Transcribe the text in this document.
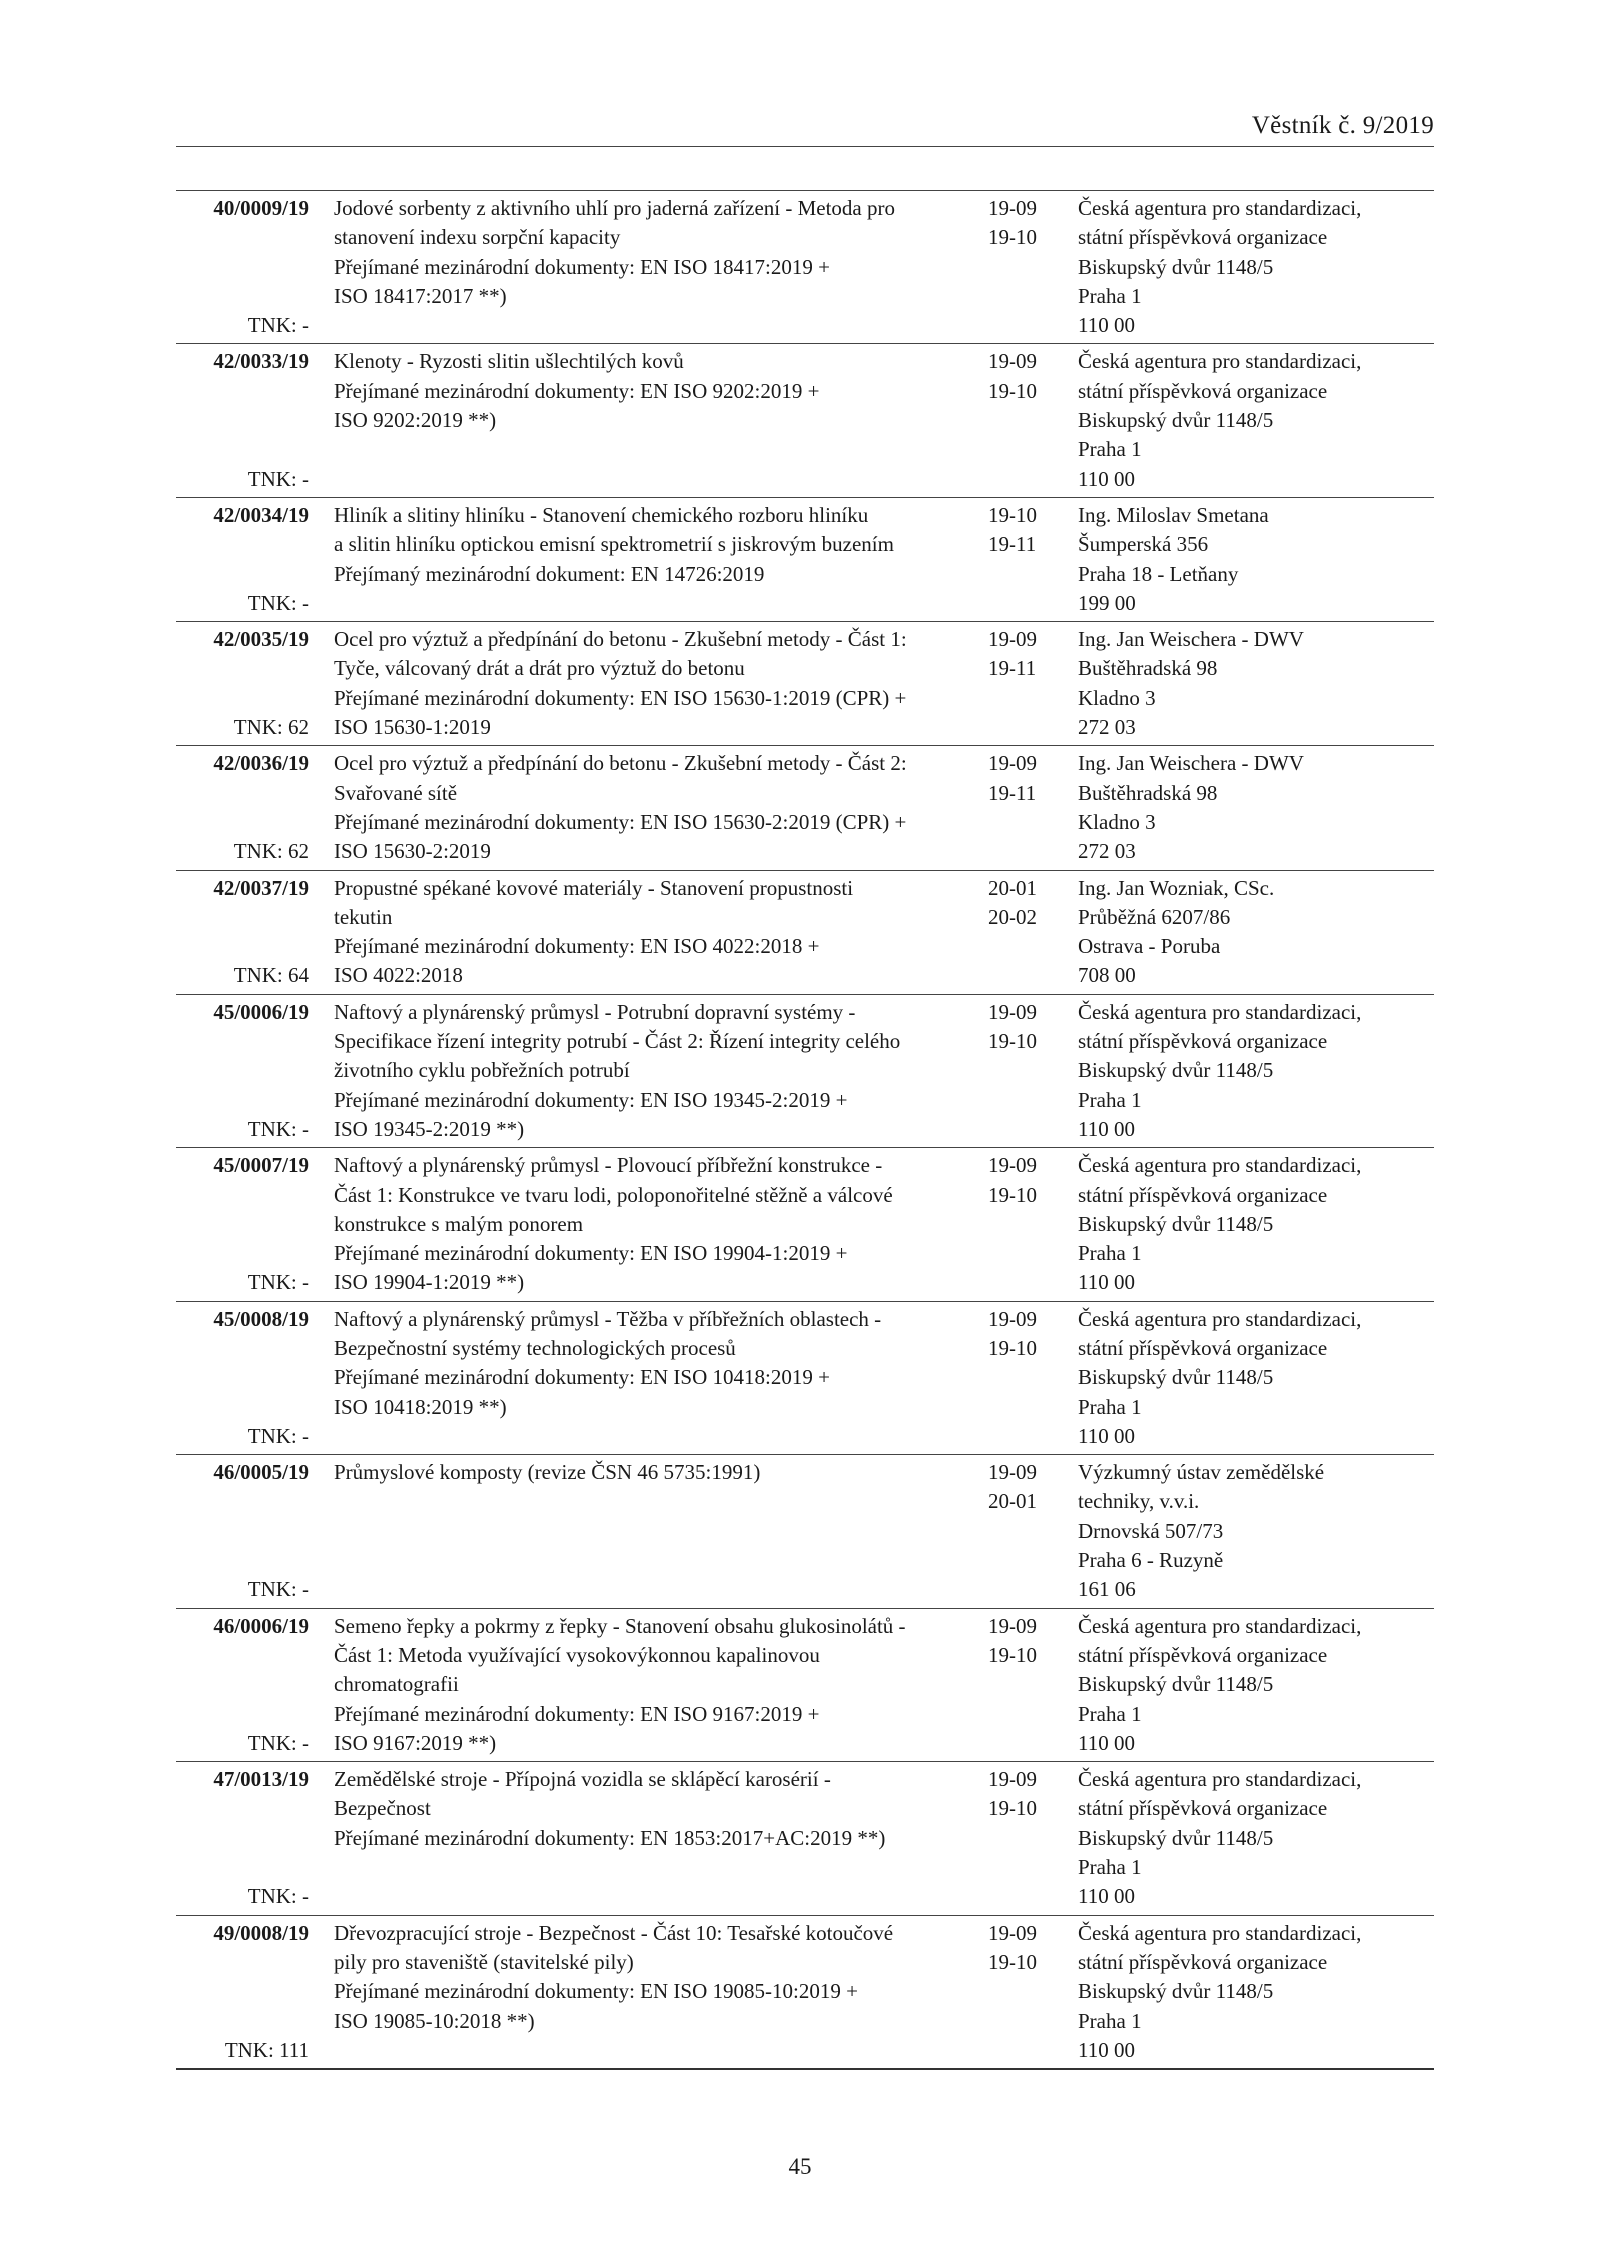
Věstník č. 9/2019
40/0009/19
TNK: -
Jodové sorbenty z aktivního uhlí pro jaderná zařízení - Metoda pro
stanovení indexu sorpční kapacity
Přejímané mezinárodní dokumenty: EN ISO 18417:2019 +
ISO 18417:2017 **)
19-09
19-10
Česká agentura pro standardizaci,
státní příspěvková organizace
Biskupský dvůr 1148/5
Praha 1
110 00
42/0033/19
TNK: -
Klenoty - Ryzosti slitin ušlechtilých kovů
Přejímané mezinárodní dokumenty: EN ISO 9202:2019 +
ISO 9202:2019 **)
19-09
19-10
Česká agentura pro standardizaci,
státní příspěvková organizace
Biskupský dvůr 1148/5
Praha 1
110 00
42/0034/19
TNK: -
Hliník a slitiny hliníku - Stanovení chemického rozboru hliníku
a slitin hliníku optickou emisní spektrometrií s jiskrovým buzením
Přejímaný mezinárodní dokument: EN 14726:2019
19-10
19-11
Ing. Miloslav Smetana
Šumperská 356
Praha 18 - Letňany
199 00
42/0035/19
TNK: 62
Ocel pro výztuž a předpínání do betonu - Zkušební metody - Část 1:
Tyče, válcovaný drát a drát pro výztuž do betonu
Přejímané mezinárodní dokumenty: EN ISO 15630-1:2019 (CPR) +
ISO 15630-1:2019
19-09
19-11
Ing. Jan Weischera - DWV
Buštěhradská 98
Kladno 3
272 03
42/0036/19
TNK: 62
Ocel pro výztuž a předpínání do betonu - Zkušební metody - Část 2:
Svařované sítě
Přejímané mezinárodní dokumenty: EN ISO 15630-2:2019 (CPR) +
ISO 15630-2:2019
19-09
19-11
Ing. Jan Weischera - DWV
Buštěhradská 98
Kladno 3
272 03
42/0037/19
TNK: 64
Propustné spékané kovové materiály - Stanovení propustnosti
tekutin
Přejímané mezinárodní dokumenty: EN ISO 4022:2018 +
ISO 4022:2018
20-01
20-02
Ing. Jan Wozniak, CSc.
Průběžná 6207/86
Ostrava - Poruba
708 00
45/0006/19
TNK: -
Naftový a plynárenský průmysl - Potrubní dopravní systémy -
Specifikace řízení integrity potrubí - Část 2: Řízení integrity celého
životního cyklu pobřežních potrubí
Přejímané mezinárodní dokumenty: EN ISO 19345-2:2019 +
ISO 19345-2:2019 **)
19-09
19-10
Česká agentura pro standardizaci,
státní příspěvková organizace
Biskupský dvůr 1148/5
Praha 1
110 00
45/0007/19
TNK: -
Naftový a plynárenský průmysl - Plovoucí příbřežní konstrukce -
Část 1: Konstrukce ve tvaru lodi, poloponořitelné stěžně a válcové
konstrukce s malým ponorem
Přejímané mezinárodní dokumenty: EN ISO 19904-1:2019 +
ISO 19904-1:2019 **)
19-09
19-10
Česká agentura pro standardizaci,
státní příspěvková organizace
Biskupský dvůr 1148/5
Praha 1
110 00
45/0008/19
TNK: -
Naftový a plynárenský průmysl - Těžba v příbřežních oblastech -
Bezpečnostní systémy technologických procesů
Přejímané mezinárodní dokumenty: EN ISO 10418:2019 +
ISO 10418:2019 **)
19-09
19-10
Česká agentura pro standardizaci,
státní příspěvková organizace
Biskupský dvůr 1148/5
Praha 1
110 00
46/0005/19
TNK: -
Průmyslové komposty (revize ČSN 46 5735:1991)	19-09
20-01
Výzkumný ústav zemědělské
techniky, v.v.i.
Drnovská 507/73
Praha 6 - Ruzyně
161 06
46/0006/19
TNK: -
Semeno řepky a pokrmy z řepky - Stanovení obsahu glukosinolátů -
Část 1: Metoda využívající vysokovýkonnou kapalinovou
chromatografii
Přejímané mezinárodní dokumenty: EN ISO 9167:2019 +
ISO 9167:2019 **)
19-09
19-10
Česká agentura pro standardizaci,
státní příspěvková organizace
Biskupský dvůr 1148/5
Praha 1
110 00
47/0013/19
TNK: -
Zemědělské stroje - Přípojná vozidla se sklápěcí karosérií -
Bezpečnost
Přejímané mezinárodní dokumenty: EN 1853:2017+AC:2019 **)
19-09
19-10
Česká agentura pro standardizaci,
státní příspěvková organizace
Biskupský dvůr 1148/5
Praha 1
110 00
49/0008/19
TNK: 111
Dřevozpracující stroje - Bezpečnost - Část 10: Tesařské kotoučové
pily pro staveniště (stavitelské pily)
Přejímané mezinárodní dokumenty: EN ISO 19085-10:2019 +
ISO 19085-10:2018 **)
19-09
19-10
Česká agentura pro standardizaci,
státní příspěvková organizace
Biskupský dvůr 1148/5
Praha 1
110 00
45
